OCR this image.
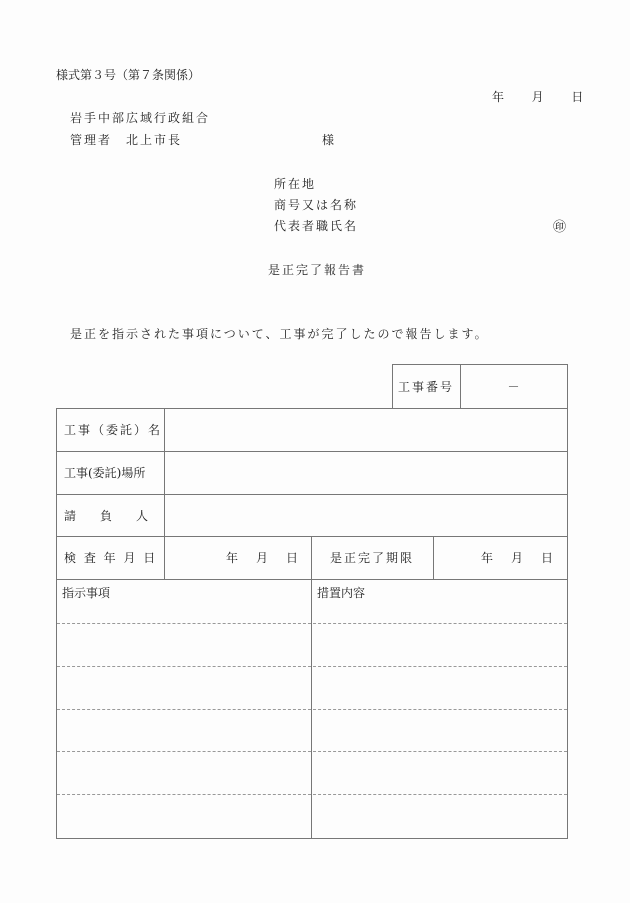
様式第３号（第７条関係）
年 月 日
岩手中部広域行政組合
管理者　北上市長	様
所在地
商号又は名称
代表者職氏名	㊞
是正完了報告書
是正を指示された事項について、工事が完了したので報告します。
工事番号	－
工事（委託）名
工事(委託)場所
請　　負　　人
検 査 年 月 日	年 月 日	是正完了期限	年 月 日
指示事項	措置内容
